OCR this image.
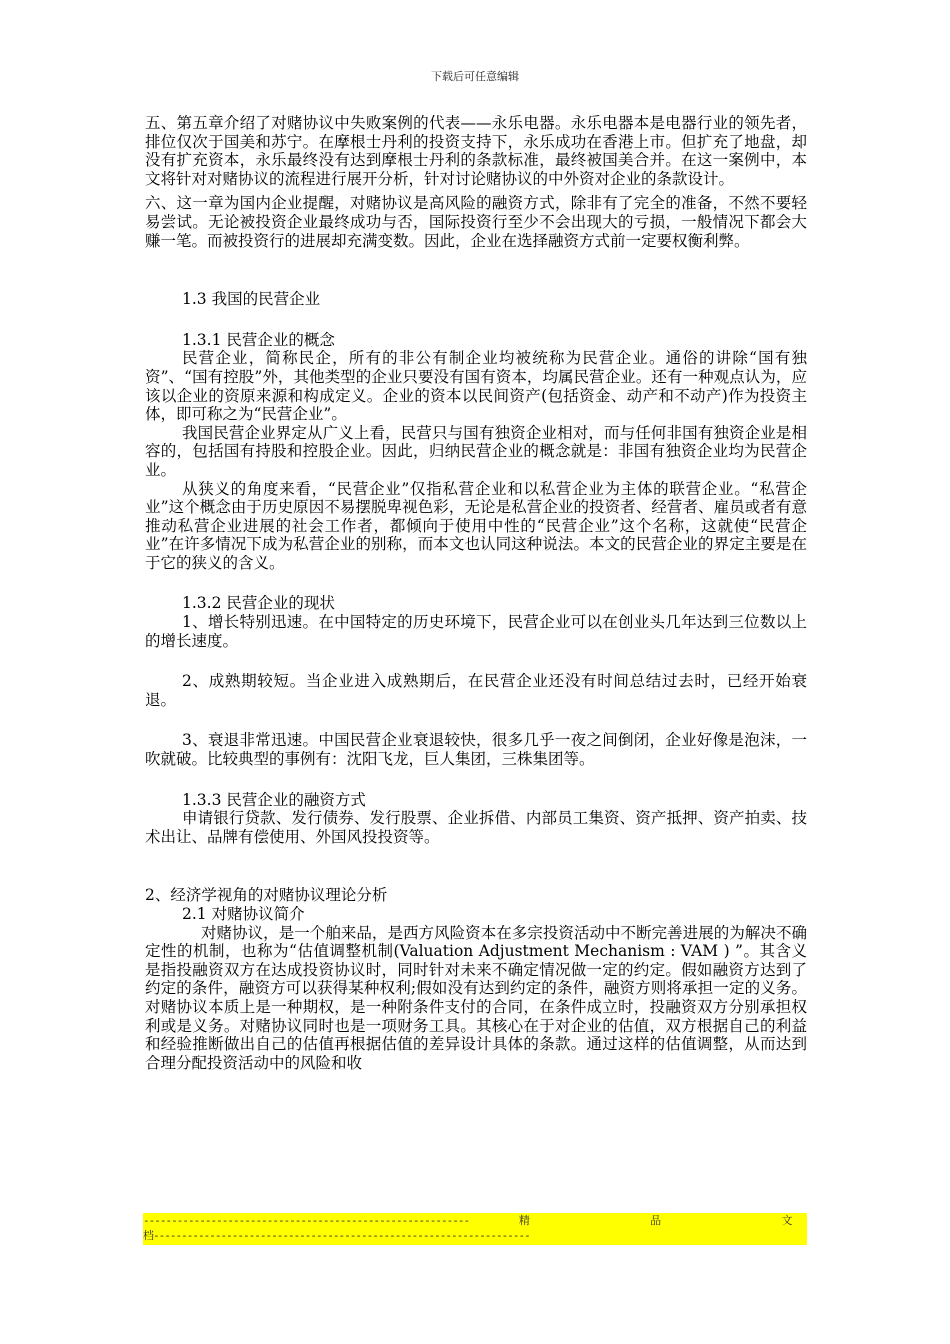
下载后可任意编辑

五、第五章介绍了对赌协议中失败案例的代表——永乐电器。永乐电器本是电器行业的领先者，排位仅次于国美和苏宁。在摩根士丹利的投资支持下，永乐成功在香港上市。但扩充了地盘，却没有扩充资本，永乐最终没有达到摩根士丹利的条款标准，最终被国美合并。在这一案例中，本文将针对对赌协议的流程进行展开分析，针对讨论赌协议的中外资对企业的条款设计。

六、这一章为国内企业提醒，对赌协议是高风险的融资方式，除非有了完全的准备，不然不要轻易尝试。无论被投资企业最终成功与否，国际投资行至少不会出现大的亏损，一般情况下都会大赚一笔。而被投资行的进展却充满变数。因此，企业在选择融资方式前一定要权衡利弊。

1.3 我国的民营企业

1.3.1 民营企业的概念

民营企业，简称民企，所有的非公有制企业均被统称为民营企业。通俗的讲除“国有独资”、“国有控股”外，其他类型的企业只要没有国有资本，均属民营企业。还有一种观点认为，应该以企业的资原来源和构成定义。企业的资本以民间资产(包括资金、动产和不动产)作为投资主体，即可称之为“民营企业”。

我国民营企业界定从广义上看，民营只与国有独资企业相对，而与任何非国有独资企业是相容的，包括国有持股和控股企业。因此，归纳民营企业的概念就是：非国有独资企业均为民营企业。

从狭义的角度来看，“民营企业”仅指私营企业和以私营企业为主体的联营企业。“私营企业”这个概念由于历史原因不易摆脱卑视色彩，无论是私营企业的投资者、经营者、雇员或者有意推动私营企业进展的社会工作者，都倾向于使用中性的“民营企业”这个名称，这就使“民营企业”在许多情况下成为私营企业的别称，而本文也认同这种说法。本文的民营企业的界定主要是在于它的狭义的含义。

1.3.2 民营企业的现状

1、增长特别迅速。在中国特定的历史环境下，民营企业可以在创业头几年达到三位数以上的增长速度。

2、成熟期较短。当企业进入成熟期后，在民营企业还没有时间总结过去时，已经开始衰退。

3、衰退非常迅速。中国民营企业衰退较快，很多几乎一夜之间倒闭，企业好像是泡沫，一吹就破。比较典型的事例有：沈阳飞龙，巨人集团，三株集团等。

1.3.3 民营企业的融资方式

申请银行贷款、发行债券、发行股票、企业拆借、内部员工集资、资产抵押、资产拍卖、技术出让、品牌有偿使用、外国风投投资等。

2、经济学视角的对赌协议理论分析

2.1 对赌协议简介

对赌协议，是一个舶来品，是西方风险资本在多宗投资活动中不断完善进展的为解决不确定性的机制，也称为“估值调整机制(Valuation Adjustment Mechanism : VAM ) ”。其含义是指投融资双方在达成投资协议时，同时针对未来不确定情况做一定的约定。假如融资方达到了约定的条件，融资方可以获得某种权利;假如没有达到约定的条件，融资方则将承担一定的义务。对赌协议本质上是一种期权，是一种附条件支付的合同，在条件成立时，投融资双方分别承担权利或是义务。对赌协议同时也是一项财务工具。其核心在于对企业的估值，双方根据自己的利益和经验推断做出自己的估值再根据估值的差异设计具体的条款。通过这样的估值调整，从而达到合理分配投资活动中的风险和收

----------------------------------------------------------	精	品	文
档-------------------------------------------------------------------
